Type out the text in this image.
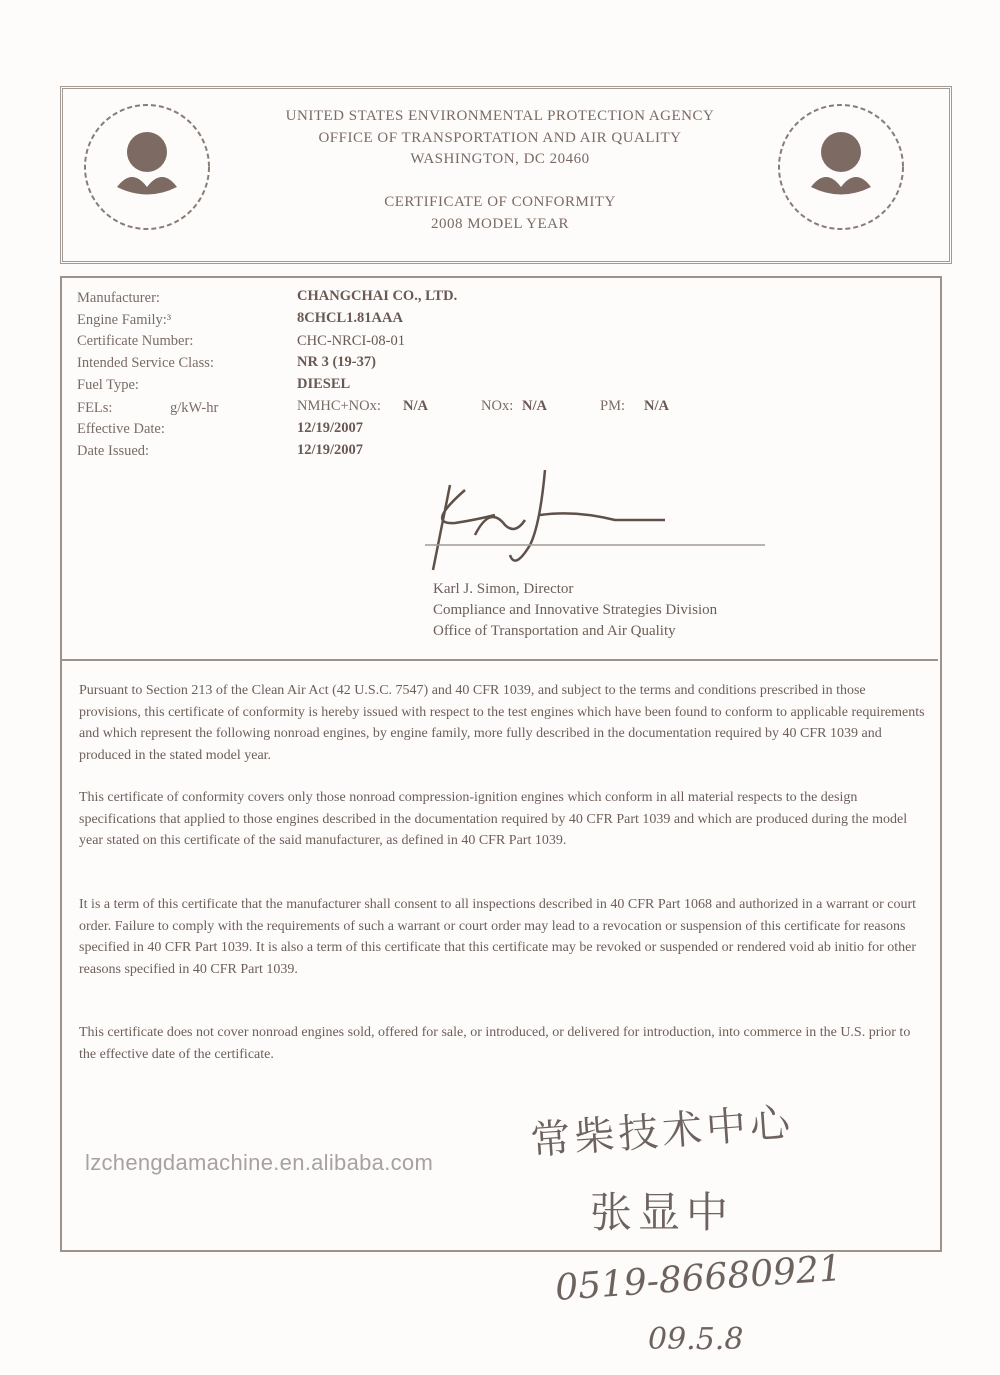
UNITED STATES ENVIRONMENTAL PROTECTION AGENCY
OFFICE OF TRANSPORTATION AND AIR QUALITY
WASHINGTON, DC 20460
CERTIFICATE OF CONFORMITY
2008 MODEL YEAR
Manufacturer:	CHANGCHAI CO., LTD.
Engine Family:³	8CHCL1.81AAA
Certificate Number:	CHC-NRCI-08-01
Intended Service Class:	NR 3 (19-37)
Fuel Type:	DIESEL
FELs:	g/kW-hr	NMHC+NOx: N/A	NOx: N/A	PM: N/A
Effective Date:	12/19/2007
Date Issued:	12/19/2007
Karl J. Simon, Director
Compliance and Innovative Strategies Division
Office of Transportation and Air Quality
Pursuant to Section 213 of the Clean Air Act (42 U.S.C. 7547) and 40 CFR 1039, and subject to the terms and conditions prescribed in those provisions, this certificate of conformity is hereby issued with respect to the test engines which have been found to conform to applicable requirements and which represent the following nonroad engines, by engine family, more fully described in the documentation required by 40 CFR 1039 and produced in the stated model year.
This certificate of conformity covers only those nonroad compression-ignition engines which conform in all material respects to the design specifications that applied to those engines described in the documentation required by 40 CFR Part 1039 and which are produced during the model year stated on this certificate of the said manufacturer, as defined in 40 CFR Part 1039.
It is a term of this certificate that the manufacturer shall consent to all inspections described in 40 CFR Part 1068 and authorized in a warrant or court order. Failure to comply with the requirements of such a warrant or court order may lead to a revocation or suspension of this certificate for reasons specified in 40 CFR Part 1039. It is also a term of this certificate that this certificate may be revoked or suspended or rendered void ab initio for other reasons specified in 40 CFR Part 1039.
This certificate does not cover nonroad engines sold, offered for sale, or introduced, or delivered for introduction, into commerce in the U.S. prior to the effective date of the certificate.
lzchengdamachine.en.alibaba.com 常柴技术中心
张显中
0519-86680921
09.5.8
